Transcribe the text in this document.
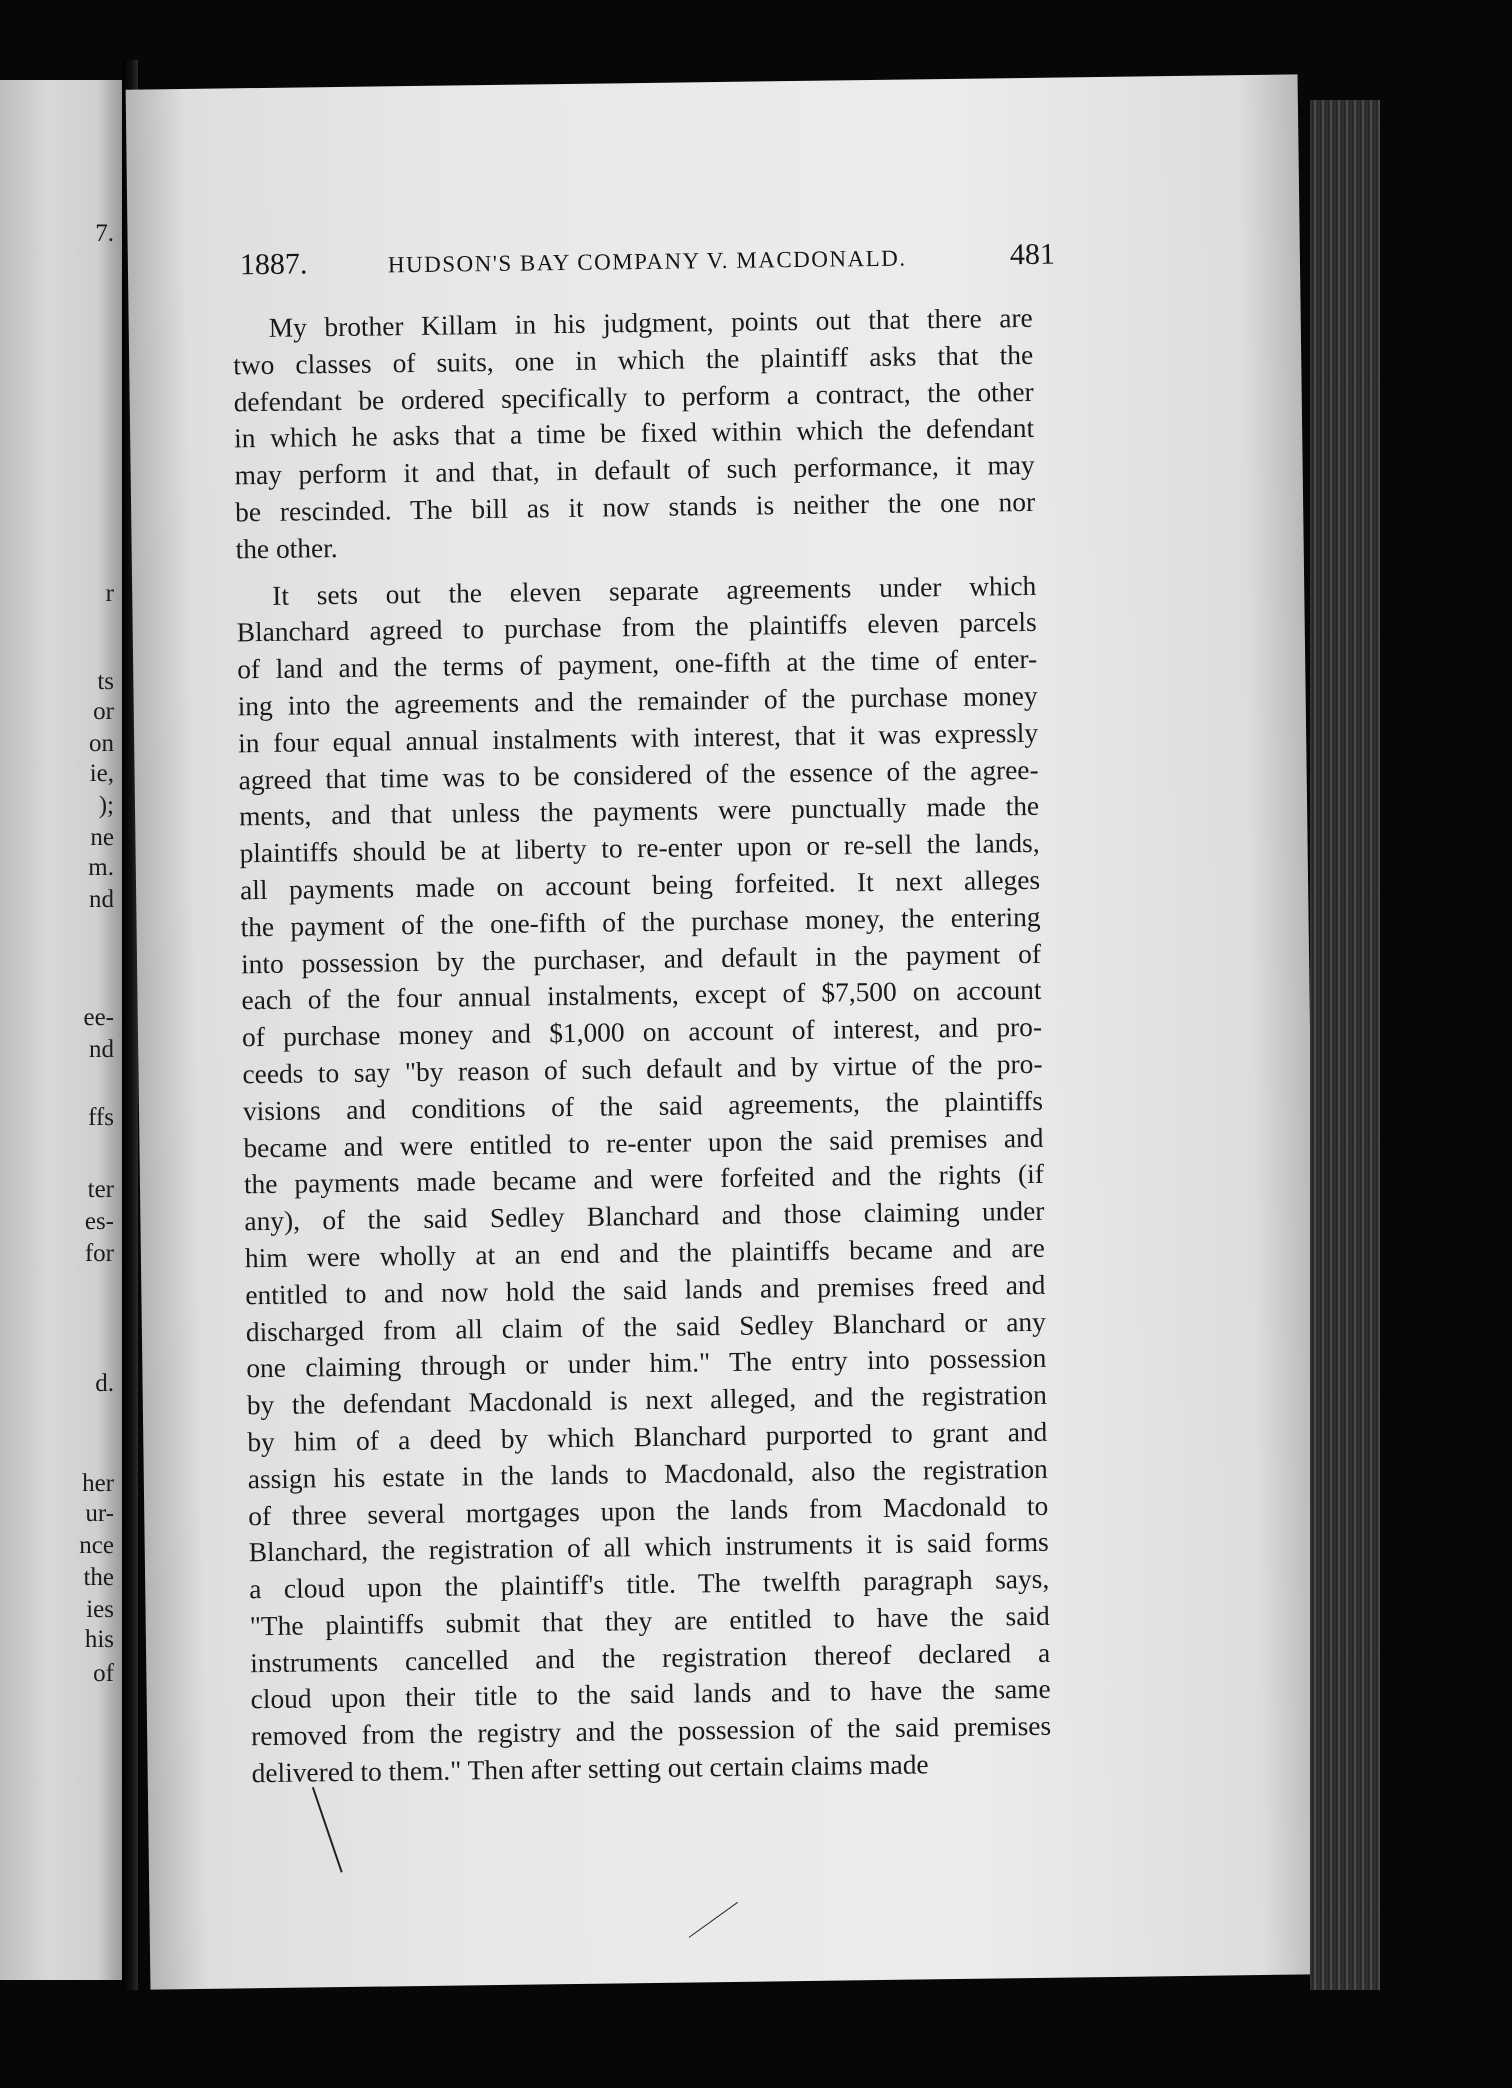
7.
r
ts
or
on
ie,
);
ne
m.
nd
ee-
nd
ffs
ter
es-
for
d.
her
ur-
nce
the
ies
his
of
1887.	HUDSON'S BAY COMPANY V. MACDONALD.	481
My brother Killam in his judgment, points out that there are
two classes of suits, one in which the plaintiff asks that the
defendant be ordered specifically to perform a contract, the other
in which he asks that a time be fixed within which the defendant
may perform it and that, in default of such performance, it may
be rescinded. The bill as it now stands is neither the one nor
the other.
It sets out the eleven separate agreements under which
Blanchard agreed to purchase from the plaintiffs eleven parcels
of land and the terms of payment, one-fifth at the time of enter-
ing into the agreements and the remainder of the purchase money
in four equal annual instalments with interest, that it was expressly
agreed that time was to be considered of the essence of the agree-
ments, and that unless the payments were punctually made the
plaintiffs should be at liberty to re-enter upon or re-sell the lands,
all payments made on account being forfeited. It next alleges
the payment of the one-fifth of the purchase money, the entering
into possession by the purchaser, and default in the payment of
each of the four annual instalments, except of $7,500 on account
of purchase money and $1,000 on account of interest, and pro-
ceeds to say "by reason of such default and by virtue of the pro-
visions and conditions of the said agreements, the plaintiffs
became and were entitled to re-enter upon the said premises and
the payments made became and were forfeited and the rights (if
any), of the said Sedley Blanchard and those claiming under
him were wholly at an end and the plaintiffs became and are
entitled to and now hold the said lands and premises freed and
discharged from all claim of the said Sedley Blanchard or any
one claiming through or under him." The entry into possession
by the defendant Macdonald is next alleged, and the registration
by him of a deed by which Blanchard purported to grant and
assign his estate in the lands to Macdonald, also the registration
of three several mortgages upon the lands from Macdonald to
Blanchard, the registration of all which instruments it is said forms
a cloud upon the plaintiff's title. The twelfth paragraph says,
"The plaintiffs submit that they are entitled to have the said
instruments cancelled and the registration thereof declared a
cloud upon their title to the said lands and to have the same
removed from the registry and the possession of the said premises
delivered to them." Then after setting out certain claims made
